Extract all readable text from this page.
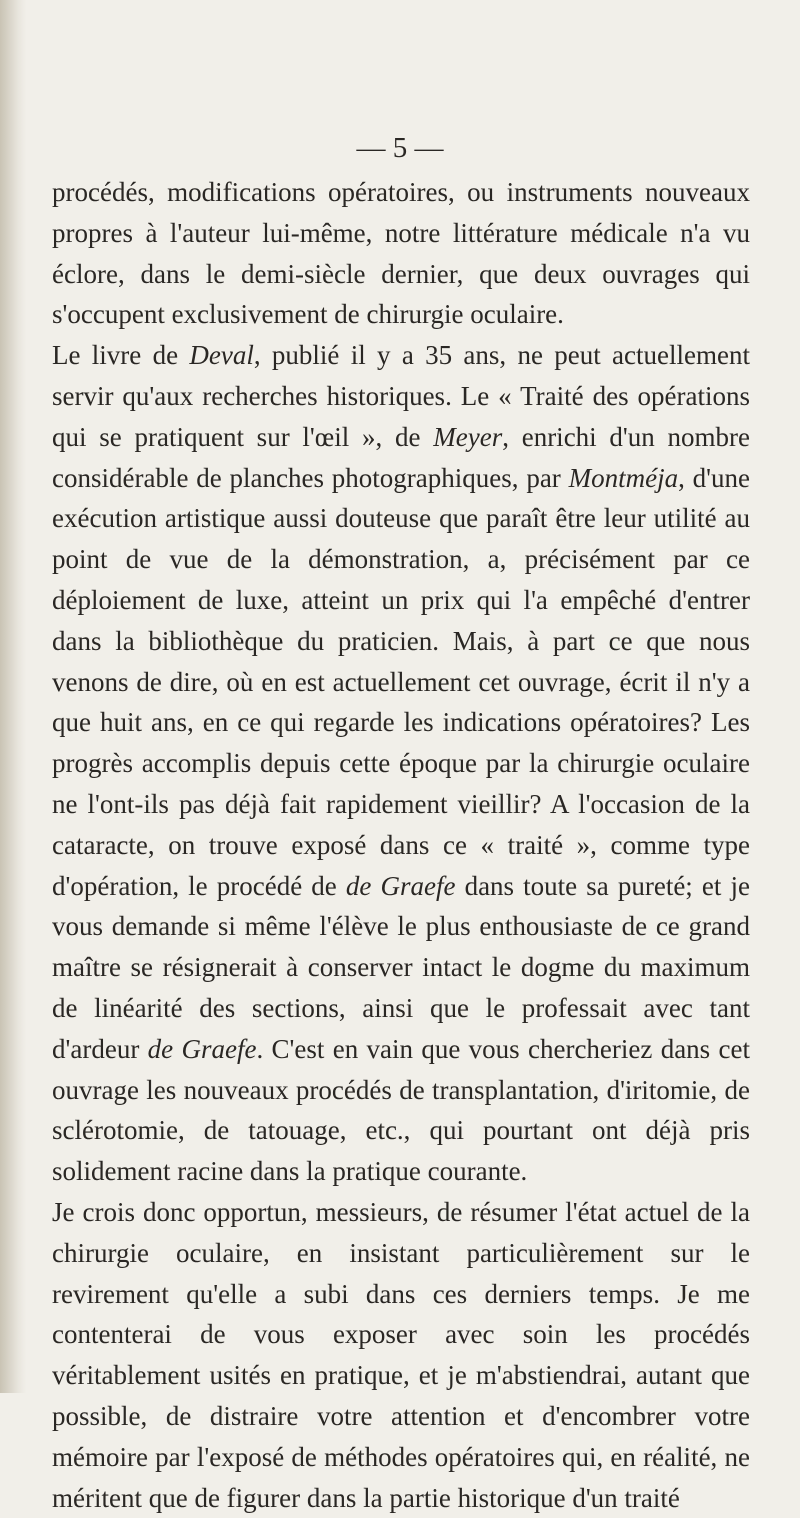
— 5 —

procédés, modifications opératoires, ou instruments nouveaux propres à l'auteur lui-même, notre littérature médicale n'a vu éclore, dans le demi-siècle dernier, que deux ouvrages qui s'occupent exclusivement de chirurgie oculaire.

Le livre de Deval, publié il y a 35 ans, ne peut actuellement servir qu'aux recherches historiques. Le « Traité des opérations qui se pratiquent sur l'œil », de Meyer, enrichi d'un nombre considérable de planches photographiques, par Montméja, d'une exécution artistique aussi douteuse que paraît être leur utilité au point de vue de la démonstration, a, précisément par ce déploiement de luxe, atteint un prix qui l'a empêché d'entrer dans la bibliothèque du praticien. Mais, à part ce que nous venons de dire, où en est actuellement cet ouvrage, écrit il n'y a que huit ans, en ce qui regarde les indications opératoires? Les progrès accomplis depuis cette époque par la chirurgie oculaire ne l'ont-ils pas déjà fait rapidement vieillir? A l'occasion de la cataracte, on trouve exposé dans ce « traité », comme type d'opération, le procédé de de Graefe dans toute sa pureté; et je vous demande si même l'élève le plus enthousiaste de ce grand maître se résignerait à conserver intact le dogme du maximum de linéarité des sections, ainsi que le professait avec tant d'ardeur de Graefe. C'est en vain que vous chercheriez dans cet ouvrage les nouveaux procédés de transplantation, d'iritomie, de sclérotomie, de tatouage, etc., qui pourtant ont déjà pris solidement racine dans la pratique courante.

Je crois donc opportun, messieurs, de résumer l'état actuel de la chirurgie oculaire, en insistant particulièrement sur le revirement qu'elle a subi dans ces derniers temps. Je me contenterai de vous exposer avec soin les procédés véritablement usités en pratique, et je m'abstiendrai, autant que possible, de distraire votre attention et d'encombrer votre mémoire par l'exposé de méthodes opératoires qui, en réalité, ne méritent que de figurer dans la partie historique d'un traité
